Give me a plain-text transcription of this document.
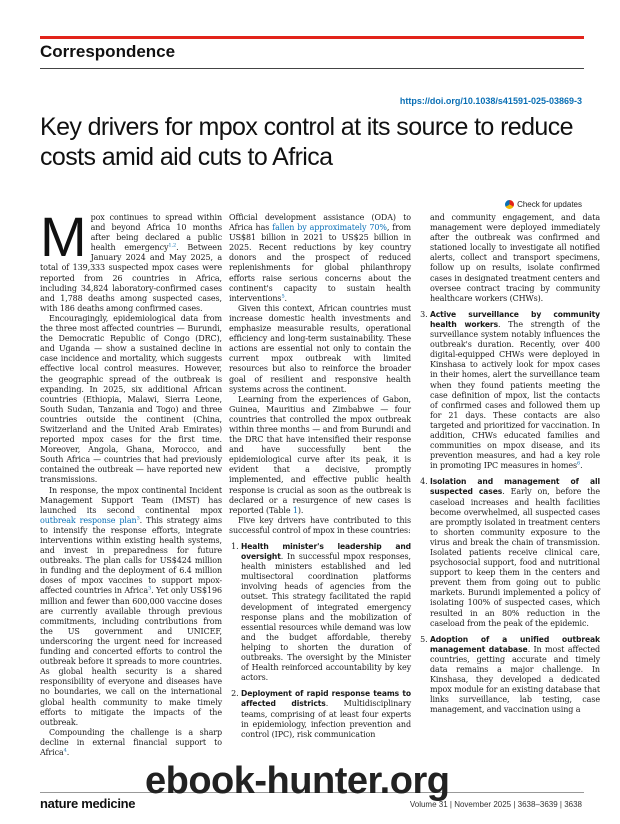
Correspondence
https://doi.org/10.1038/s41591-025-03869-3
Key drivers for mpox control at its source to reduce costs amid aid cuts to Africa
Check for updates

Mpox continues to spread within and beyond Africa 10 months after being declared a public health emergency$^{1,2}$. Between January 2024 and May 2025, a total of 139,333 suspected mpox cases were reported from 26 countries in Africa, including 34,824 laboratory-confirmed cases and 1,788 deaths among suspected cases, with 186 deaths among confirmed cases.

Encouragingly, epidemiological data from the three most affected countries — Burundi, the Democratic Republic of Congo (DRC), and Uganda — show a sustained decline in case incidence and mortality, which suggests effective local control measures. However, the geographic spread of the outbreak is expanding. In 2025, six additional African countries (Ethiopia, Malawi, Sierra Leone, South Sudan, Tanzania and Togo) and three countries outside the continent (China, Switzerland and the United Arab Emirates) reported mpox cases for the first time. Moreover, Angola, Ghana, Morocco, and South Africa — countries that had previously contained the outbreak — have reported new transmissions.

In response, the mpox continental Incident Management Support Team (IMST) has launched its second continental mpox outbreak response plan$^3$. This strategy aims to intensify the response efforts, integrate interventions within existing health systems, and invest in preparedness for future outbreaks. The plan calls for US$424 million in funding and the deployment of 6.4 million doses of mpox vaccines to support mpox-affected countries in Africa$^3$. Yet only US$196 million and fewer than 600,000 vaccine doses are currently available through previous commitments, including contributions from the US government and UNICEF, underscoring the urgent need for increased funding and concerted efforts to control the outbreak before it spreads to more countries. As global health security is a shared responsibility of everyone and diseases have no boundaries, we call on the international global health community to make timely efforts to mitigate the impacts of the outbreak.

Compounding the challenge is a sharp decline in external financial support to Africa$^4$.

Official development assistance (ODA) to Africa has fallen by approximately 70%, from US$81 billion in 2021 to US$25 billion in 2025. Recent reductions by key country donors and the prospect of reduced replenishments for global philanthropy efforts raise serious concerns about the continent's capacity to sustain health interventions$^5$.

Given this context, African countries must increase domestic health investments and emphasize measurable results, operational efficiency and long-term sustainability. These actions are essential not only to contain the current mpox outbreak with limited resources but also to reinforce the broader goal of resilient and responsive health systems across the continent.

Learning from the experiences of Gabon, Guinea, Mauritius and Zimbabwe — four countries that controlled the mpox outbreak within three months — and from Burundi and the DRC that have intensified their response and have successfully bent the epidemiological curve after its peak, it is evident that a decisive, promptly implemented, and effective public health response is crucial as soon as the outbreak is declared or a resurgence of new cases is reported (Table 1).

Five key drivers have contributed to this successful control of mpox in these countries:

1. Health minister's leadership and oversight. In successful mpox responses, health ministers established and led multisectoral coordination platforms involving heads of agencies from the outset. This strategy facilitated the rapid development of integrated emergency response plans and the mobilization of essential resources while demand was low and the budget affordable, thereby helping to shorten the duration of outbreaks. The oversight by the Minister of Health reinforced accountability by key actors.
2. Deployment of rapid response teams to affected districts. Multidisciplinary teams, comprising of at least four experts in epidemiology, infection prevention and control (IPC), risk communication

and community engagement, and data management were deployed immediately after the outbreak was confirmed and stationed locally to investigate all notified alerts, collect and transport specimens, follow up on results, isolate confirmed cases in designated treatment centers and oversee contract tracing by community healthcare workers (CHWs).

3. Active surveillance by community health workers. The strength of the surveillance system notably influences the outbreak's duration. Recently, over 400 digital-equipped CHWs were deployed in Kinshasa to actively look for mpox cases in their homes, alert the surveillance team when they found patients meeting the case definition of mpox, list the contacts of confirmed cases and followed them up for 21 days. These contacts are also targeted and prioritized for vaccination. In addition, CHWs educated families and communities on mpox disease, and its prevention measures, and had a key role in promoting IPC measures in homes$^6$.
4. Isolation and management of all suspected cases. Early on, before the caseload increases and health facilities become overwhelmed, all suspected cases are promptly isolated in treatment centers to shorten community exposure to the virus and break the chain of transmission. Isolated patients receive clinical care, psychosocial support, food and nutritional support to keep them in the centers and prevent them from going out to public markets. Burundi implemented a policy of isolating 100% of suspected cases, which resulted in an 80% reduction in the caseload from the peak of the epidemic.
5. Adoption of a unified outbreak management database. In most affected countries, getting accurate and timely data remains a major challenge. In Kinshasa, they developed a dedicated mpox module for an existing database that links surveillance, lab testing, case management, and vaccination using a
nature medicine	Volume 31 | November 2025 | 3638–3639 | 3638
ebook-hunter.org
